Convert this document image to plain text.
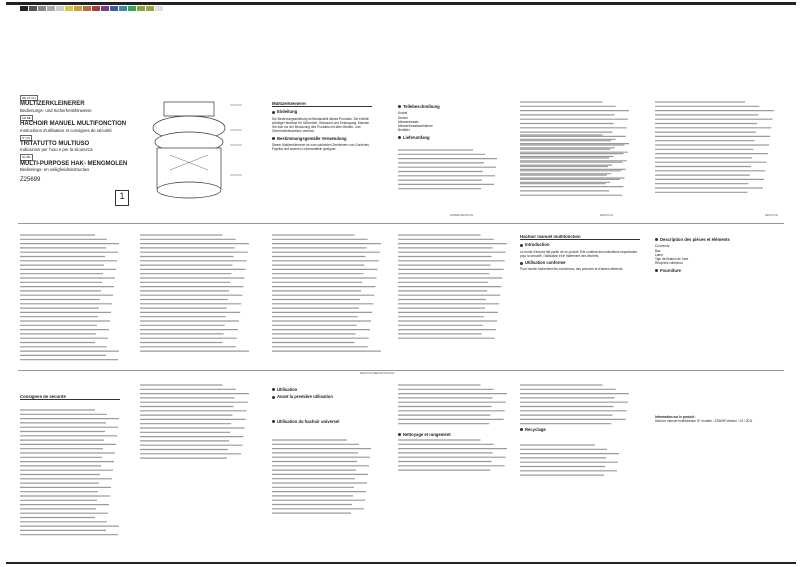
DE AT CH
MULTIZERKLEINERER
Bedienungs- und Sicherheitshinweise
FR BE
HACHOIR MANUEL MULTIFONCTION
Instructions d'utilisation et consignes de sécurité
IT CH
TRITATUTTO MULTIUSO
Indicazioni per l'uso e per la sicurezza
NL BE
MULTI-PURPOSE HAK- MENGMOLEN
Bedienings- en veiligheidsinstructies
Z25699
1
Multizerkleinerer
Einleitung

Die Bedienungsanleitung ist Bestandteil dieses Produkts. Sie enthält wichtige Hinweise für Sicherheit, Gebrauch und Entsorgung. Machen Sie sich vor der Benutzung des Produkts mit allen Bedien- und Sicherheitshinweisen vertraut.

Bestimmungsgemäße Verwendung

Dieser Multizerkleinerer ist zum schlichten Zerkleinern von Gurkchen, Paprika und anderen Lebensmitteln geeignet.

Teilebeschreibung
Kurbel
Deckel
Messereinsatz
Messereinsatzaufnahme
Behälter
Lieferumfang
Hachoir manuel multifonction
Introduction

Le mode d'emploi fait partie de ce produit. Elle contient des indications importantes pour la sécurité, l'utilisation et le traitement des déchets.

Utilisation conforme

Pour hacher facilement les cornichons, des poivrons et d'autres aliments.

Description des pièces et éléments
Couvercle
Bac
Lame
Tige de fixation de l'axe
Récipient collecteur
Fourniture
Information sur le produit :

Hachoir manuel multifonction N° modèle : Z25699 Version : 03 / 2011

Consignes de sécurité
Utilisation
Avant la première utilisation
Utilisation du hachoir universel
Nettoyage et rangement
Recyclage
DE/AT/CH BE/FR/IT/NL/CH
Z25699 DE/AT/CH	DE/AT/CH	DE/AT/CH
